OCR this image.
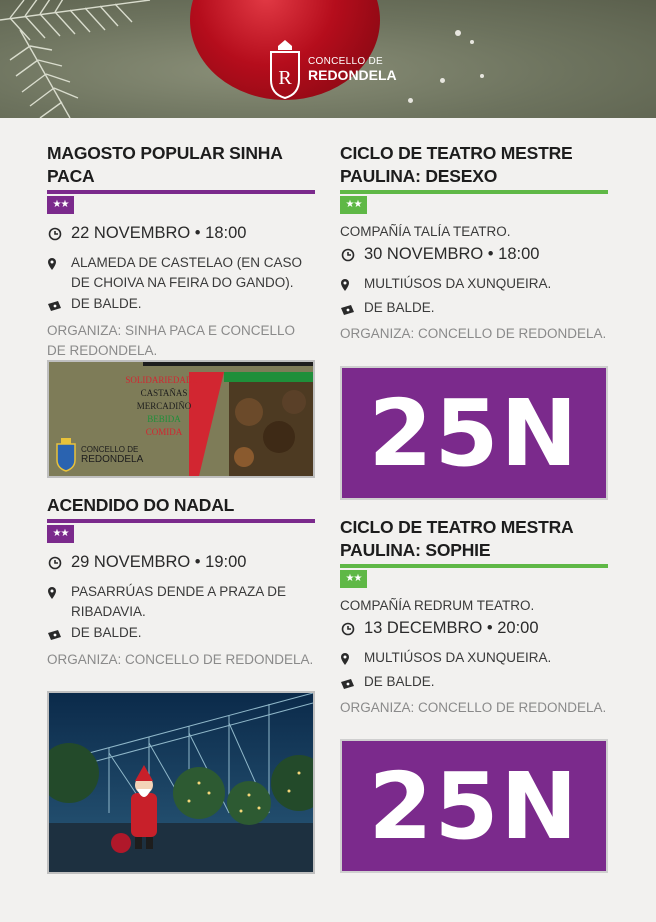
R
CONCELLO DE
REDONDELA
MAGOSTO POPULAR SINHA PACA
★★
22 NOVEMBRO • 18:00
ALAMEDA DE CASTELAO (EN CASO DE CHOIVA NA FEIRA DO GANDO).
DE BALDE.
ORGANIZA: SINHA PACA E CONCELLO DE REDONDELA.
SOLIDARIEDADE :
CASTAÑAS
MERCADIÑO
BEBIDA
COMIDA
CONCELLO DE
REDONDELA
ACENDIDO DO NADAL
★★
29 NOVEMBRO • 19:00
PASARRÚAS DENDE A PRAZA DE RIBADAVIA.
DE BALDE.
ORGANIZA: CONCELLO DE REDONDELA.
CICLO DE TEATRO MESTRE PAULINA: DESEXO
★★
COMPAÑÍA TALÍA TEATRO.
30 NOVEMBRO • 18:00
MULTIÚSOS DA XUNQUEIRA.
DE BALDE.
ORGANIZA: CONCELLO DE REDONDELA.
25N
CICLO DE TEATRO MESTRA PAULINA: SOPHIE
★★
COMPAÑÍA REDRUM TEATRO.
13 DECEMBRO • 20:00
MULTIÚSOS DA XUNQUEIRA.
DE BALDE.
ORGANIZA: CONCELLO DE REDONDELA.
25N
